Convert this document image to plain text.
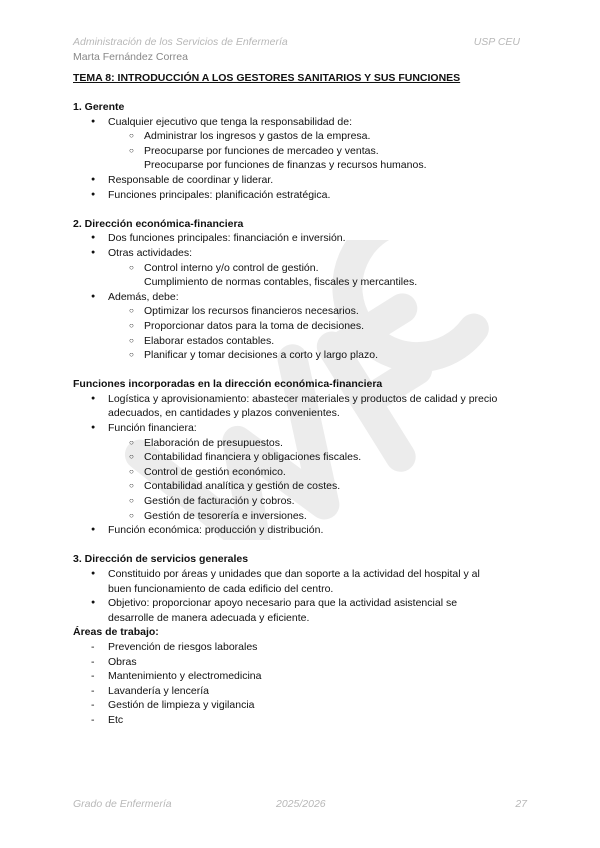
Administración de los Servicios de Enfermería	USP CEU
Marta Fernández Correa
TEMA 8: INTRODUCCIÓN A LOS GESTORES SANITARIOS Y SUS FUNCIONES
1. Gerente
● Cualquier ejecutivo que tenga la responsabilidad de:
○ Administrar los ingresos y gastos de la empresa.
○ Preocuparse por funciones de mercadeo y ventas.
Preocuparse por funciones de finanzas y recursos humanos.
● Responsable de coordinar y liderar.
● Funciones principales: planificación estratégica.
2. Dirección económica-financiera
● Dos funciones principales: financiación e inversión.
● Otras actividades:
○ Control interno y/o control de gestión.
Cumplimiento de normas contables, fiscales y mercantiles.
● Además, debe:
○ Optimizar los recursos financieros necesarios.
○ Proporcionar datos para la toma de decisiones.
○ Elaborar estados contables.
○ Planificar y tomar decisiones a corto y largo plazo.
Funciones incorporadas en la dirección económica-financiera
● Logística y aprovisionamiento: abastecer materiales y productos de calidad y precio
adecuados, en cantidades y plazos convenientes.
● Función financiera:
○ Elaboración de presupuestos.
○ Contabilidad financiera y obligaciones fiscales.
○ Control de gestión económico.
○ Contabilidad analítica y gestión de costes.
○ Gestión de facturación y cobros.
○ Gestión de tesorería e inversiones.
● Función económica: producción y distribución.
3. Dirección de servicios generales
● Constituido por áreas y unidades que dan soporte a la actividad del hospital y al
buen funcionamiento de cada edificio del centro.
● Objetivo: proporcionar apoyo necesario para que la actividad asistencial se
desarrolle de manera adecuada y eficiente.
Áreas de trabajo:
- Prevención de riesgos laborales
- Obras
- Mantenimiento y electromedicina
- Lavandería y lencería
- Gestión de limpieza y vigilancia
- Etc
Grado de Enfermería	2025/2026	27
